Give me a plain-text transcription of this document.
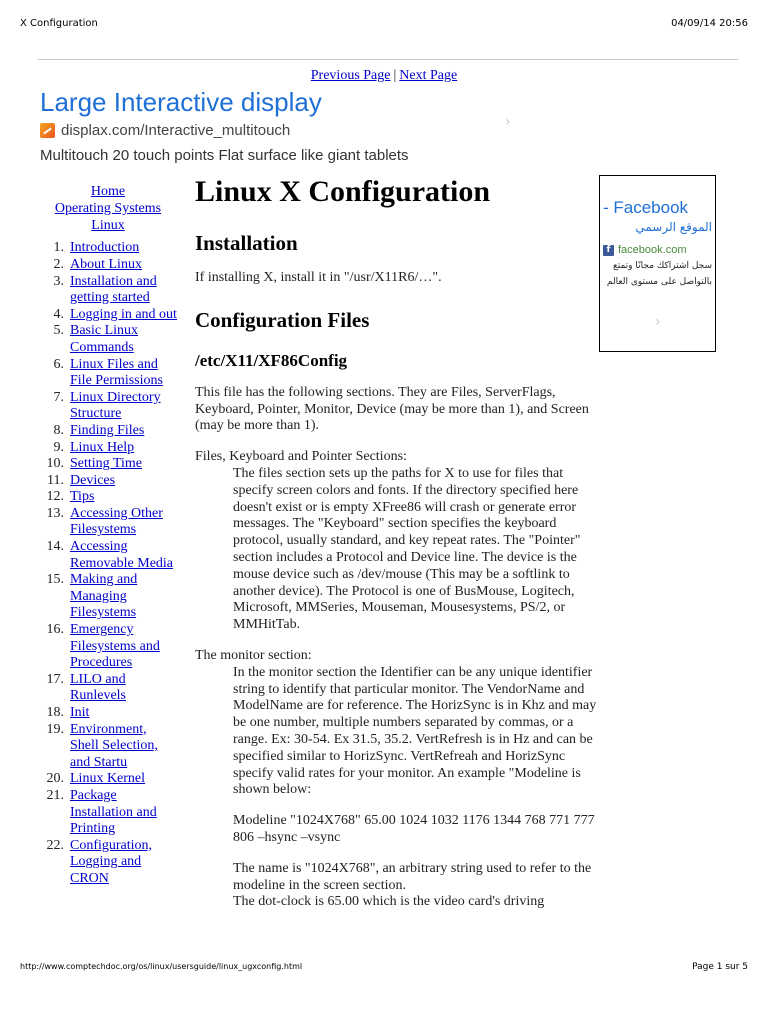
X Configuration	04/09/14 20:56
Previous Page | Next Page
Large Interactive display
displax.com/Interactive_multitouch
Multitouch 20 touch points Flat surface like giant tablets
›
Home
Operating Systems
Linux
1. Introduction
2. About Linux
3. Installation and getting started
4. Logging in and out
5. Basic Linux Commands
6. Linux Files and File Permissions
7. Linux Directory Structure
8. Finding Files
9. Linux Help
10. Setting Time
11. Devices
12. Tips
13. Accessing Other Filesystems
14. Accessing Removable Media
15. Making and Managing Filesystems
16. Emergency Filesystems and Procedures
17. LILO and Runlevels
18. Init
19. Environment, Shell Selection, and Startu
20. Linux Kernel
21. Package Installation and Printing
22. Configuration, Logging and CRON
Linux X Configuration
Installation

If installing X, install it in "/usr/X11R6/…".

Configuration Files
/etc/X11/XF86Config

This file has the following sections. They are Files, ServerFlags, Keyboard, Pointer, Monitor, Device (may be more than 1), and Screen (may be more than 1).

Files, Keyboard and Pointer Sections:

The files section sets up the paths for X to use for files that specify screen colors and fonts. If the directory specified here doesn't exist or is empty XFree86 will crash or generate error messages. The "Keyboard" section specifies the keyboard protocol, usually standard, and key repeat rates. The "Pointer" section includes a Protocol and Device line. The device is the mouse device such as /dev/mouse (This may be a softlink to another device). The Protocol is one of BusMouse, Logitech, Microsoft, MMSeries, Mouseman, Mousesystems, PS/2, or MMHitTab.

The monitor section:

In the monitor section the Identifier can be any unique identifier string to identify that particular monitor. The VendorName and ModelName are for reference. The HorizSync is in Khz and may be one number, multiple numbers separated by commas, or a range. Ex: 30-54. Ex 31.5, 35.2. VertRefresh is in Hz and can be specified similar to HorizSync. VertRefreah and HorizSync specify valid rates for your monitor. An example "Modeline is shown below:

Modeline "1024X768" 65.00 1024 1032 1176 1344 768 771 777 806 –hsync –vsync

The name is "1024X768", an arbitrary string used to refer to the modeline in the screen section.

The dot-clock is 65.00 which is the video card's driving

- Facebook
الموقع الرسمي
f facebook.com
سجل اشتراكك مجانًا وتمتع بالتواصل على مستوى العالم
›
http://www.comptechdoc.org/os/linux/usersguide/linux_ugxconfig.html	Page 1 sur 5
